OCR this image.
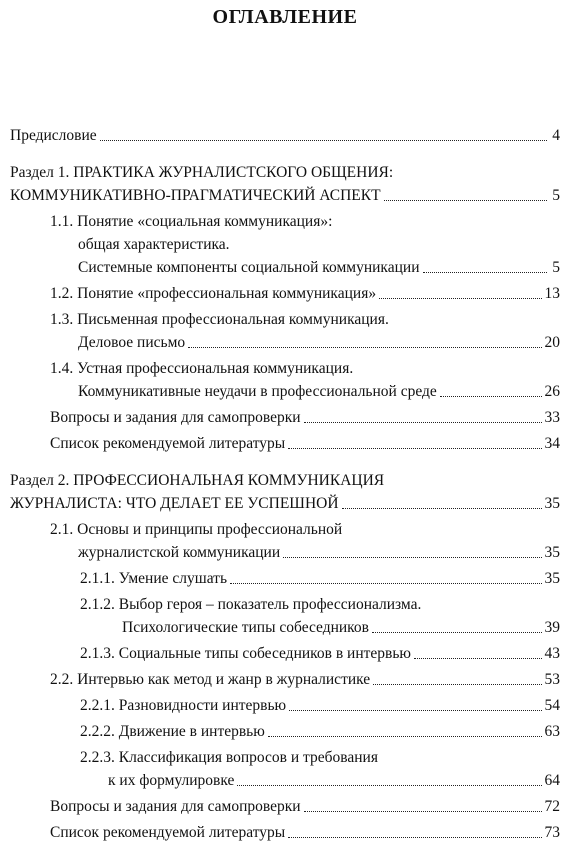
ОГЛАВЛЕНИЕ
Предисловие	4
Раздел 1. ПРАКТИКА ЖУРНАЛИСТСКОГО ОБЩЕНИЯ:
КОММУНИКАТИВНО-ПРАГМАТИЧЕСКИЙ АСПЕКТ	5
1.1. Понятие «социальная коммуникация»:
общая характеристика.
Системные компоненты социальной коммуникации	5
1.2. Понятие «профессиональная коммуникация»	13
1.3. Письменная профессиональная коммуникация.
Деловое письмо	20
1.4. Устная профессиональная коммуникация.
Коммуникативные неудачи в профессиональной среде	26
Вопросы и задания для самопроверки	33
Список рекомендуемой литературы	34
Раздел 2. ПРОФЕССИОНАЛЬНАЯ КОММУНИКАЦИЯ
ЖУРНАЛИСТА: ЧТО ДЕЛАЕТ ЕЕ УСПЕШНОЙ	35
2.1. Основы и принципы профессиональной
журналистской коммуникации	35
2.1.1. Умение слушать	35
2.1.2. Выбор героя – показатель профессионализма.
Психологические типы собеседников	39
2.1.3. Социальные типы собеседников в интервью	43
2.2. Интервью как метод и жанр в журналистике	53
2.2.1. Разновидности интервью	54
2.2.2. Движение в интервью	63
2.2.3. Классификация вопросов и требования
к их формулировке	64
Вопросы и задания для самопроверки	72
Список рекомендуемой литературы	73
